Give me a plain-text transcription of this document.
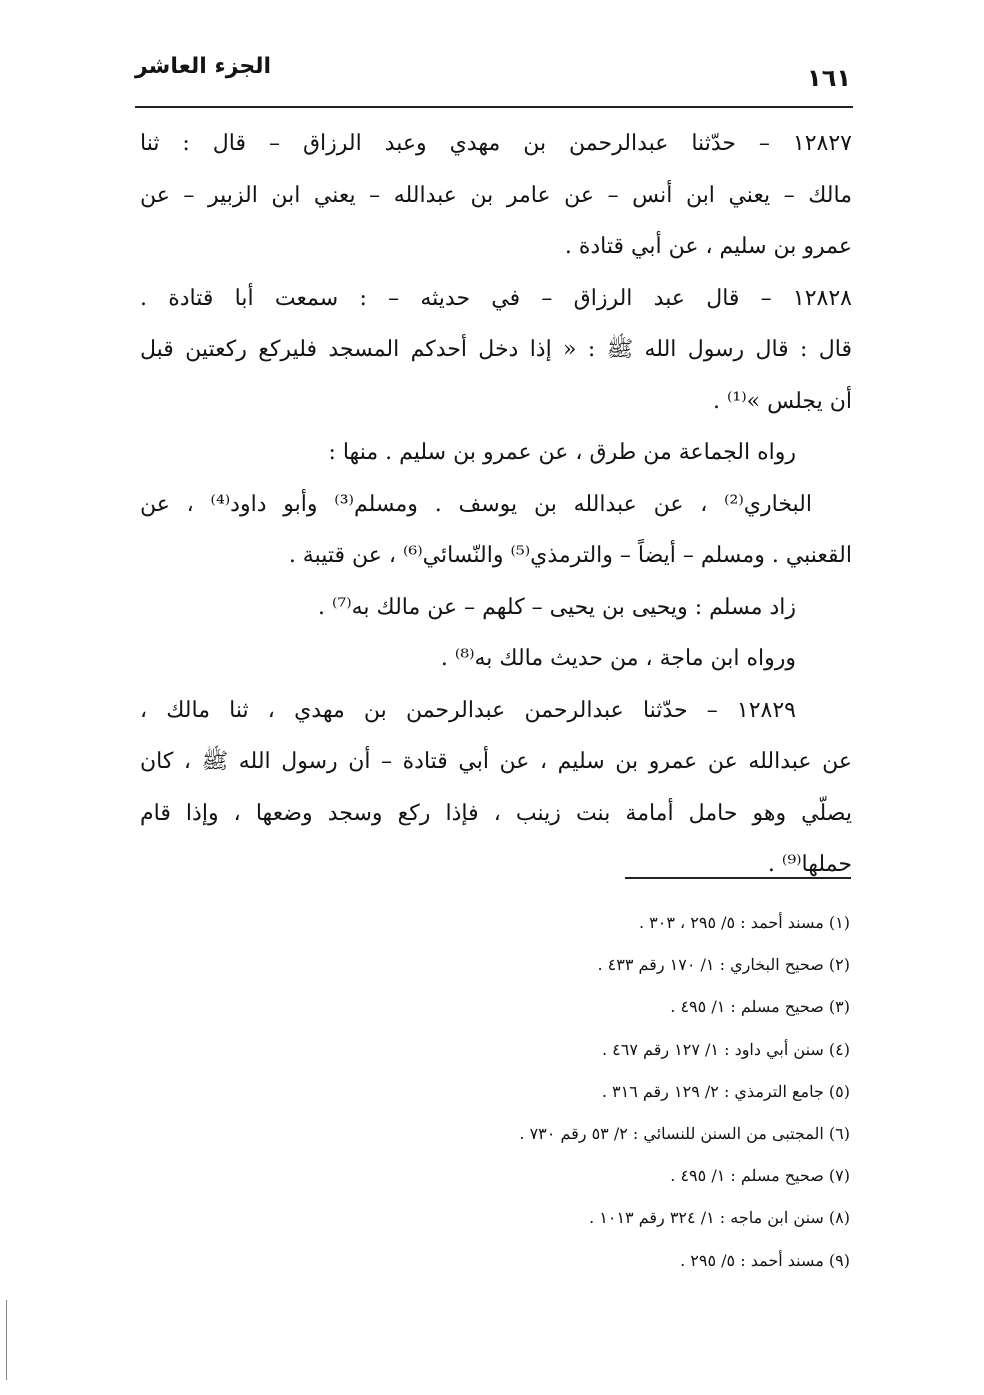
الجزء العاشر	١٦١
١٢٨٢٧ – حدّثنا عبدالرحمن بن مهدي وعبد الرزاق – قال : ثنا
مالك – يعني ابن أنس – عن عامر بن عبدالله – يعني ابن الزبير – عن
عمرو بن سليم ، عن أبي قتادة .
١٢٨٢٨ – قال عبد الرزاق – في حديثه – : سمعت أبا قتادة .
قال : قال رسول الله ﷺ : « إذا دخل أحدكم المسجد فليركع ركعتين قبل
أن يجلس »⁽¹⁾ .
رواه الجماعة من طرق ، عن عمرو بن سليم . منها :
البخاري⁽²⁾ ، عن عبدالله بن يوسف . ومسلم⁽³⁾ وأبو داود⁽⁴⁾ ، عن
القعنبي . ومسلم – أيضاً – والترمذي⁽⁵⁾ والنّسائي⁽⁶⁾ ، عن قتيبة .
زاد مسلم : ويحيى بن يحيى – كلهم – عن مالك به⁽⁷⁾ .
ورواه ابن ماجة ، من حديث مالك به⁽⁸⁾ .
١٢٨٢٩ – حدّثنا عبدالرحمن عبدالرحمن بن مهدي ، ثنا مالك ،
عن عبدالله عن عمرو بن سليم ، عن أبي قتادة – أن رسول الله ﷺ ، كان
يصلّي وهو حامل أمامة بنت زينب ، فإذا ركع وسجد وضعها ، وإذا قام
حملها⁽⁹⁾ .
(١) مسند أحمد : ٥/ ٢٩٥ ، ٣٠٣ .
(٢) صحيح البخاري : ١/ ١٧٠ رقم ٤٣٣ .
(٣) صحيح مسلم : ١/ ٤٩٥ .
(٤) سنن أبي داود : ١/ ١٢٧ رقم ٤٦٧ .
(٥) جامع الترمذي : ٢/ ١٢٩ رقم ٣١٦ .
(٦) المجتبى من السنن للنسائي : ٢/ ٥٣ رقم ٧٣٠ .
(٧) صحيح مسلم : ١/ ٤٩٥ .
(٨) سنن ابن ماجه : ١/ ٣٢٤ رقم ١٠١٣ .
(٩) مسند أحمد : ٥/ ٢٩٥ .
